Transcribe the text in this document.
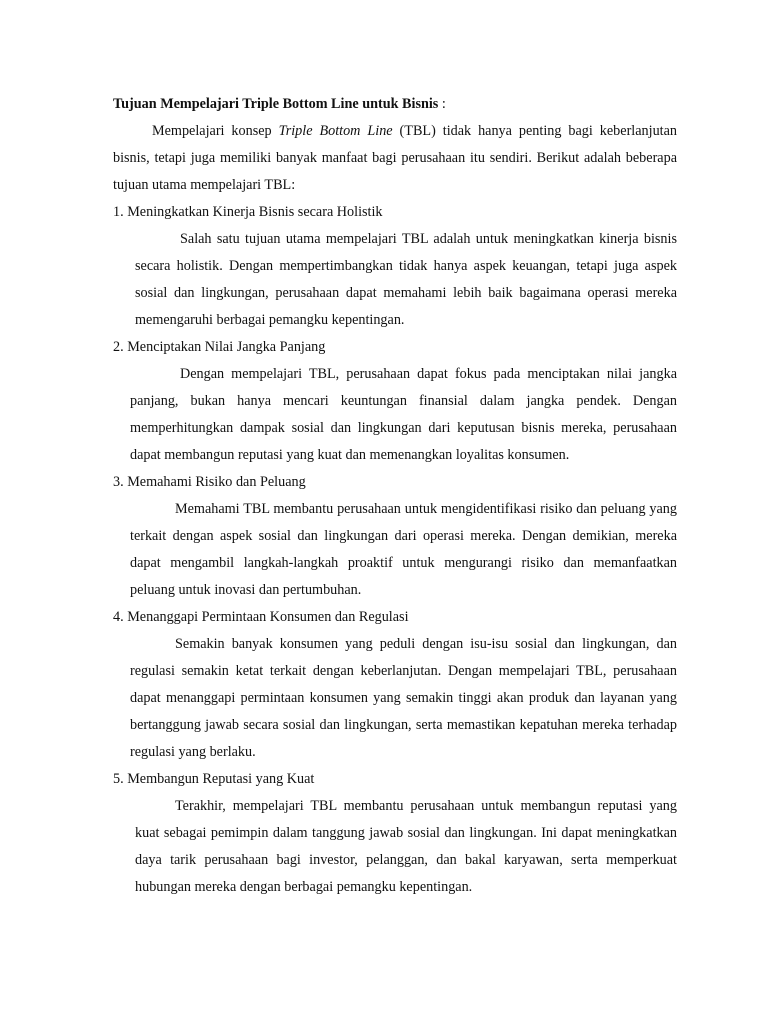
Tujuan Mempelajari Triple Bottom Line untuk Bisnis :

Mempelajari konsep Triple Bottom Line (TBL) tidak hanya penting bagi keberlanjutan bisnis, tetapi juga memiliki banyak manfaat bagi perusahaan itu sendiri. Berikut adalah beberapa tujuan utama mempelajari TBL:

1. Meningkatkan Kinerja Bisnis secara Holistik

Salah satu tujuan utama mempelajari TBL adalah untuk meningkatkan kinerja bisnis secara holistik. Dengan mempertimbangkan tidak hanya aspek keuangan, tetapi juga aspek sosial dan lingkungan, perusahaan dapat memahami lebih baik bagaimana operasi mereka memengaruhi berbagai pemangku kepentingan.

2. Menciptakan Nilai Jangka Panjang

Dengan mempelajari TBL, perusahaan dapat fokus pada menciptakan nilai jangka panjang, bukan hanya mencari keuntungan finansial dalam jangka pendek. Dengan memperhitungkan dampak sosial dan lingkungan dari keputusan bisnis mereka, perusahaan dapat membangun reputasi yang kuat dan memenangkan loyalitas konsumen.

3. Memahami Risiko dan Peluang

Memahami TBL membantu perusahaan untuk mengidentifikasi risiko dan peluang yang terkait dengan aspek sosial dan lingkungan dari operasi mereka. Dengan demikian, mereka dapat mengambil langkah-langkah proaktif untuk mengurangi risiko dan memanfaatkan peluang untuk inovasi dan pertumbuhan.

4. Menanggapi Permintaan Konsumen dan Regulasi

Semakin banyak konsumen yang peduli dengan isu-isu sosial dan lingkungan, dan regulasi semakin ketat terkait dengan keberlanjutan. Dengan mempelajari TBL, perusahaan dapat menanggapi permintaan konsumen yang semakin tinggi akan produk dan layanan yang bertanggung jawab secara sosial dan lingkungan, serta memastikan kepatuhan mereka terhadap regulasi yang berlaku.

5. Membangun Reputasi yang Kuat

Terakhir, mempelajari TBL membantu perusahaan untuk membangun reputasi yang kuat sebagai pemimpin dalam tanggung jawab sosial dan lingkungan. Ini dapat meningkatkan daya tarik perusahaan bagi investor, pelanggan, dan bakal karyawan, serta memperkuat hubungan mereka dengan berbagai pemangku kepentingan.
